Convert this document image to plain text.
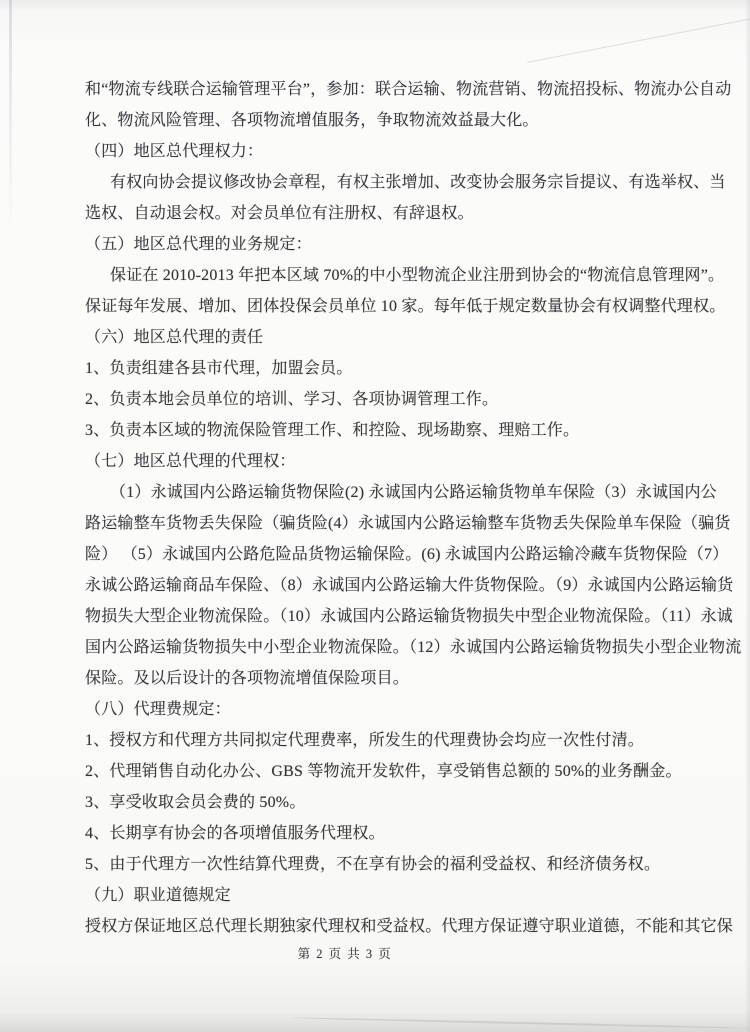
和“物流专线联合运输管理平台”，参加：联合运输、物流营销、物流招投标、物流办公自动
化、物流风险管理、各项物流增值服务，争取物流效益最大化。
（四）地区总代理权力：
有权向协会提议修改协会章程，有权主张增加、改变协会服务宗旨提议、有选举权、当
选权、自动退会权。对会员单位有注册权、有辞退权。
（五）地区总代理的业务规定：
保证在 2010-2013 年把本区域 70%的中小型物流企业注册到协会的“物流信息管理网”。
保证每年发展、增加、团体投保会员单位 10 家。每年低于规定数量协会有权调整代理权。
（六）地区总代理的责任
1、负责组建各县市代理，加盟会员。
2、负责本地会员单位的培训、学习、各项协调管理工作。
3、负责本区域的物流保险管理工作、和控险、现场勘察、理赔工作。
（七）地区总代理的代理权：
（1）永诚国内公路运输货物保险(2) 永诚国内公路运输货物单车保险（3）永诚国内公
路运输整车货物丢失保险（骗货险(4）永诚国内公路运输整车货物丢失保险单车保险（骗货
险） （5）永诚国内公路危险品货物运输保险。(6) 永诚国内公路运输冷藏车货物保险（7）
永诚公路运输商品车保险、（8）永诚国内公路运输大件货物保险。（9）永诚国内公路运输货
物损失大型企业物流保险。（10）永诚国内公路运输货物损失中型企业物流保险。（11）永诚
国内公路运输货物损失中小型企业物流保险。（12）永诚国内公路运输货物损失小型企业物流
保险。及以后设计的各项物流增值保险项目。
（八）代理费规定：
1、授权方和代理方共同拟定代理费率，所发生的代理费协会均应一次性付清。
2、代理销售自动化办公、GBS 等物流开发软件，享受销售总额的 50%的业务酬金。
3、享受收取会员会费的 50%。
4、长期享有协会的各项增值服务代理权。
5、由于代理方一次性结算代理费，不在享有协会的福利受益权、和经济债务权。
（九）职业道德规定
授权方保证地区总代理长期独家代理权和受益权。代理方保证遵守职业道德，不能和其它保
第 2 页 共 3 页
